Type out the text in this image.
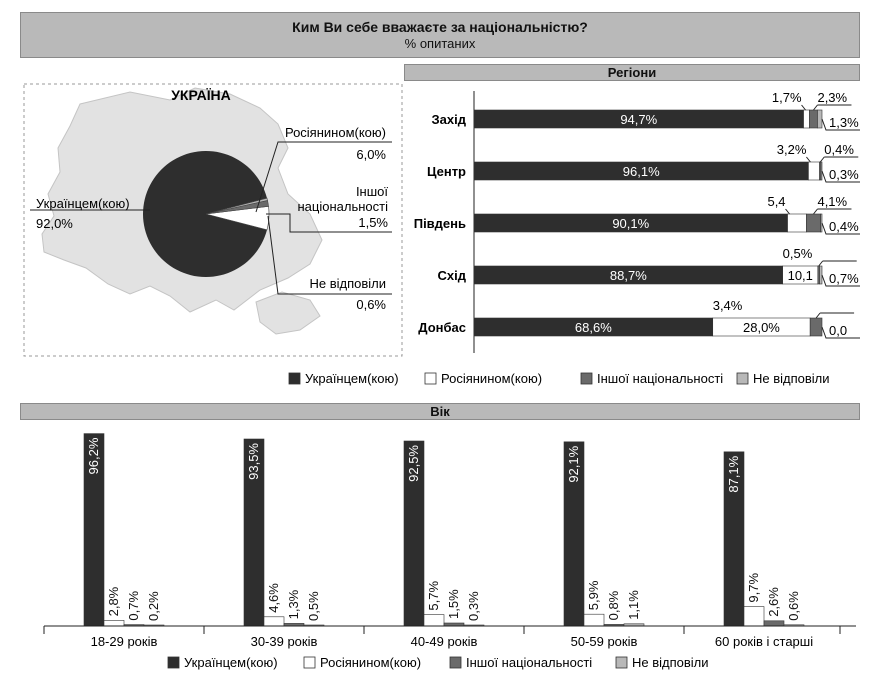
Ким Ви себе вважаєте за національністю?
% опитаних
Регіони
Вік
УКРАЇНА
Українцем(кою)
92,0%
Росіянином(кою)
6,0%
Іншої
національності
1,5%
Не відповіли
0,6%
Захід	94,7%
1,7% 2,3%
1,3%
Центр	96,1%
3,2% 0,4%
0,3%
Південь	90,1%
5,4 4,1%
0,4%
Схід	88,7%	10,1
0,5%
0,7%
Донбас	68,6%	28,0%
3,4%
0,0
Українцем(кою)	Росіянином(кою)	Іншої національності Не відповіли
18-29 років
96,2%
2,8% 0,7% 0,2%
30-39 років
93,5%
4,6% 1,3% 0,5%
40-49 років
92,5%
5,7% 1,5% 0,3%
50-59 років
92,1%
5,9% 0,8% 1,1%
60 років і старші
87,1%
9,7% 2,6% 0,6%
Українцем(кою)	Росіянином(кою)	Іншої національності	Не відповіли
